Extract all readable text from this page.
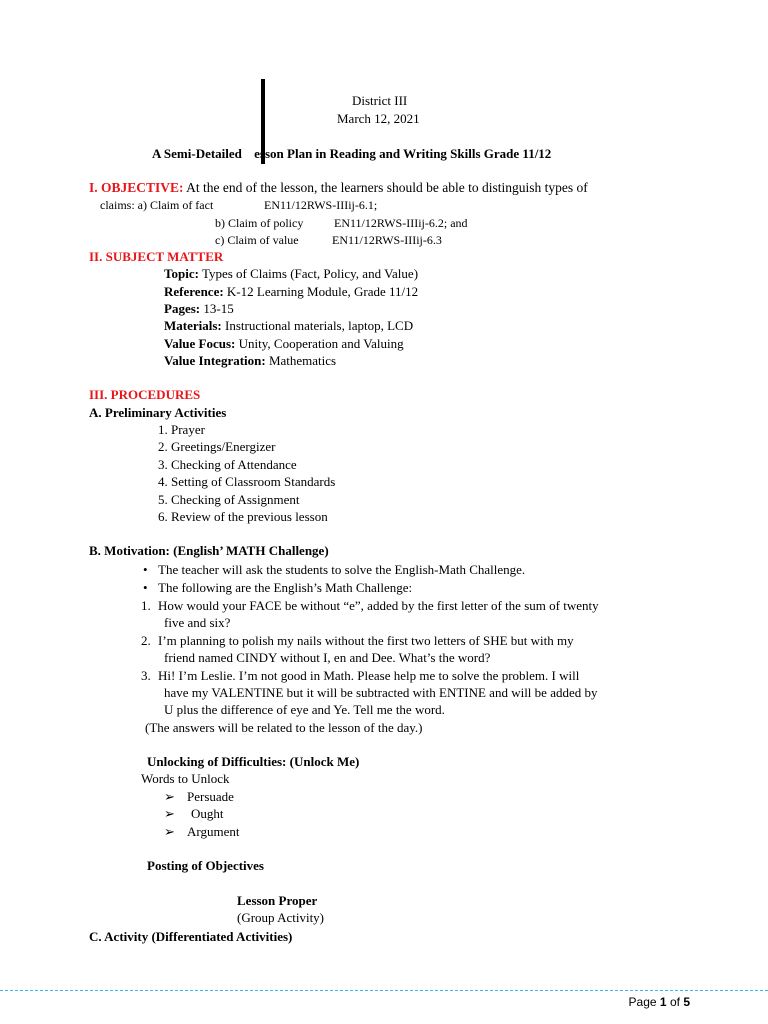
District III
March 12, 2021
A Semi-Detailed esson Plan in Reading and Writing Skills Grade 11/12
I. OBJECTIVE: At the end of the lesson, the learners should be able to distinguish types of
claims: a) Claim of fact	EN11/12RWS-IIIij-6.1;
b) Claim of policy	EN11/12RWS-IIIij-6.2; and
c) Claim of value	EN11/12RWS-IIIij-6.3
II. SUBJECT MATTER
Topic: Types of Claims (Fact, Policy, and Value)
Reference: K-12 Learning Module, Grade 11/12
Pages: 13-15
Materials: Instructional materials, laptop, LCD
Value Focus: Unity, Cooperation and Valuing
Value Integration: Mathematics
III. PROCEDURES
A. Preliminary Activities
1. Prayer
2. Greetings/Energizer
3. Checking of Attendance
4. Setting of Classroom Standards
5. Checking of Assignment
6. Review of the previous lesson
B. Motivation: (English’ MATH Challenge)
• The teacher will ask the students to solve the English-Math Challenge.
• The following are the English’s Math Challenge:
1. How would your FACE be without “e”, added by the first letter of the sum of twenty
five and six?
2. I’m planning to polish my nails without the first two letters of SHE but with my
friend named CINDY without I, en and Dee. What’s the word?
3. Hi! I’m Leslie. I’m not good in Math. Please help me to solve the problem. I will
have my VALENTINE but it will be subtracted with ENTINE and will be added by
U plus the difference of eye and Ye. Tell me the word.
(The answers will be related to the lesson of the day.)
Unlocking of Difficulties: (Unlock Me)
Words to Unlock
➢ Persuade
➢ Ought
➢ Argument
Posting of Objectives
Lesson Proper
(Group Activity)
C. Activity (Differentiated Activities)
Page 1 of 5
